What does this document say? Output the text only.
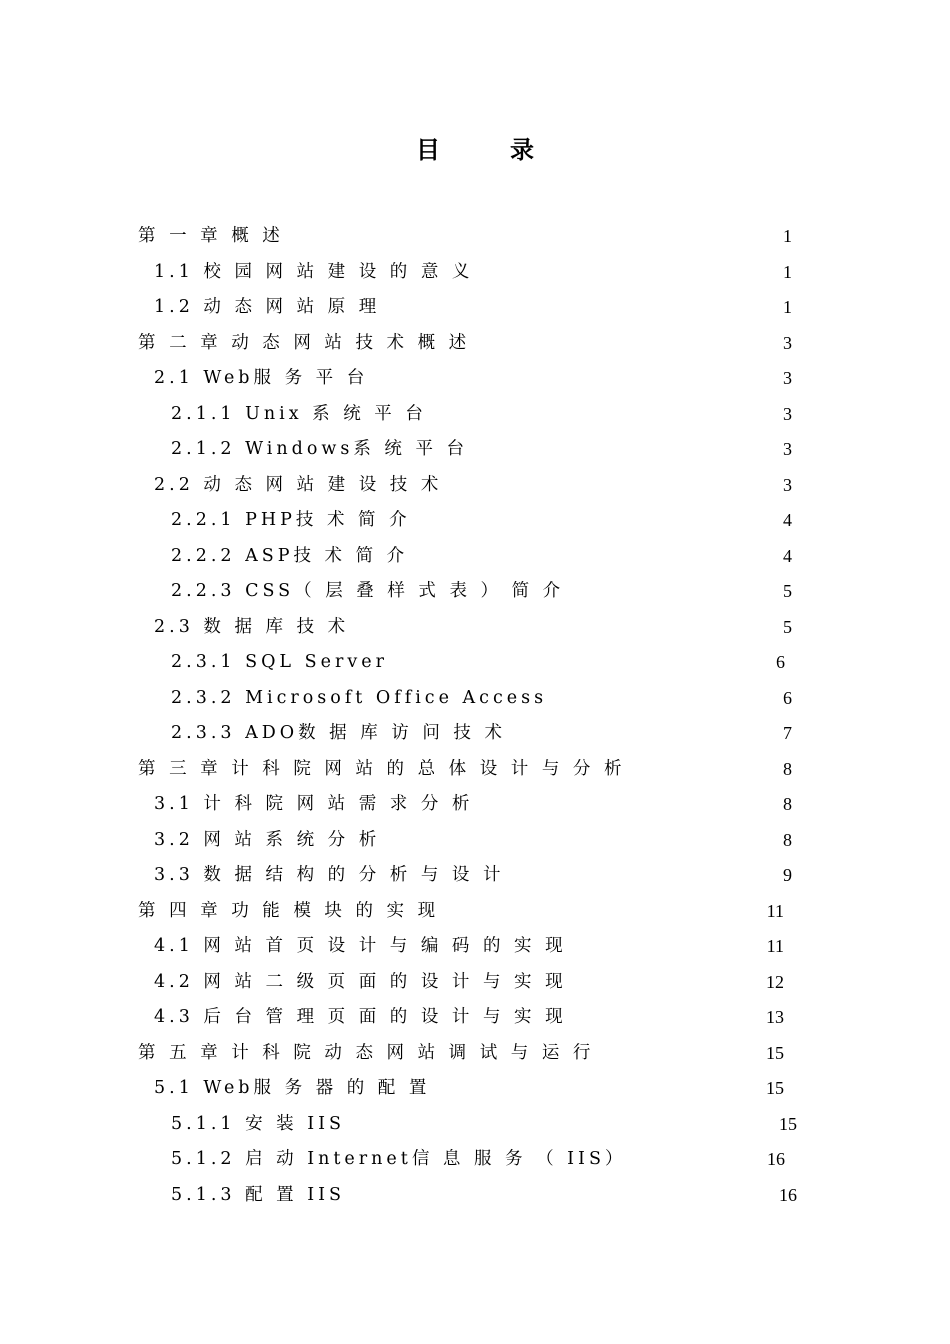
目	录
第 一 章 概 述	1
1.1 校 园 网 站 建 设 的 意 义	1
1.2 动 态 网 站 原 理	1
第 二 章 动 态 网 站 技 术 概 述	3
2.1 Web服 务 平 台	3
2.1.1 Unix 系 统 平 台	3
2.1.2 Windows系 统 平 台	3
2.2 动 态 网 站 建 设 技 术	3
2.2.1 PHP技 术 简 介	4
2.2.2 ASP技 术 简 介	4
2.2.3 CSS（ 层 叠 样 式 表 ） 简 介	5
2.3 数 据 库 技 术	5
2.3.1 SQL Server	6
2.3.2 Microsoft Office Access	6
2.3.3 ADO数 据 库 访 问 技 术	7
第 三 章 计 科 院 网 站 的 总 体 设 计 与 分 析	8
3.1 计 科 院 网 站 需 求 分 析	8
3.2 网 站 系 统 分 析	8
3.3 数 据 结 构 的 分 析 与 设 计	9
第 四 章 功 能 模 块 的 实 现	11
4.1 网 站 首 页 设 计 与 编 码 的 实 现	11
4.2 网 站 二 级 页 面 的 设 计 与 实 现	12
4.3 后 台 管 理 页 面 的 设 计 与 实 现	13
第 五 章 计 科 院 动 态 网 站 调 试 与 运 行	15
5.1 Web服 务 器 的 配 置	15
5.1.1 安 装 IIS	15
5.1.2 启 动 Internet信 息 服 务 （ IIS）	16
5.1.3 配 置 IIS	16
